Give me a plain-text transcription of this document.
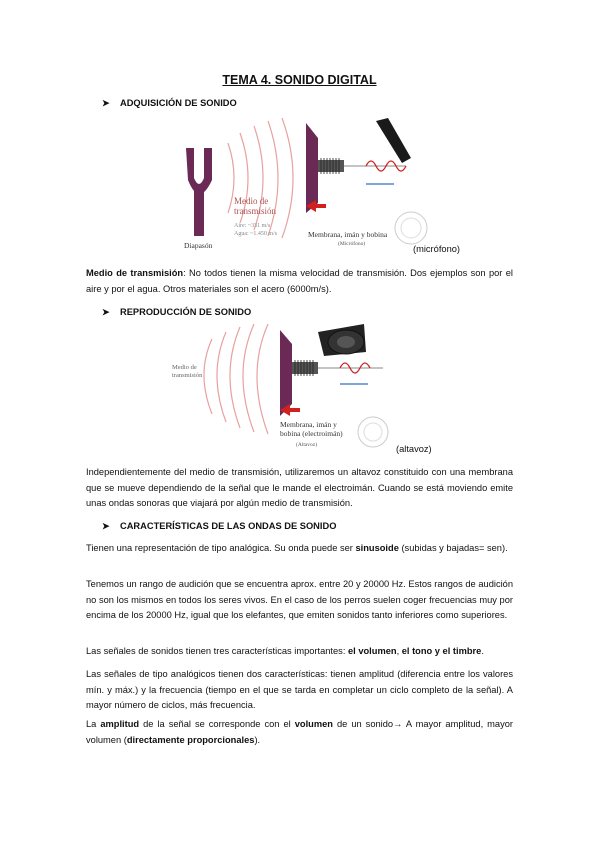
TEMA 4. SONIDO DIGITAL
➤ ADQUISICIÓN DE SONIDO
Medio de
transmisión
Aire: ~331 m/s
Agua: ~1.450 m/s
Diapasón
Membrana, imán y bobina
(Micrófono)	(micrófono)

Medio de transmisión: No todos tienen la misma velocidad de transmisión. Dos ejemplos son por el aire y por el agua. Otros materiales son el acero (6000m/s).

➤ REPRODUCCIÓN DE SONIDO
Medio de
transmisión
Membrana, imán y
bobina (electroimán)
(Altavoz)	(altavoz)

Independientemente del medio de transmisión, utilizaremos un altavoz constituido con una membrana que se mueve dependiendo de la señal que le mande el electroimán. Cuando se está moviendo emite unas ondas sonoras que viajará por algún medio de transmisión.

➤ CARACTERÍSTICAS DE LAS ONDAS DE SONIDO

Tienen una representación de tipo analógica. Su onda puede ser sinusoide (subidas y bajadas= sen).

Tenemos un rango de audición que se encuentra aprox. entre 20 y 20000 Hz. Estos rangos de audición no son los mismos en todos los seres vivos. En el caso de los perros suelen coger frecuencias muy por encima de los 20000 Hz, igual que los elefantes, que emiten sonidos tanto inferiores como superiores.

Las señales de sonidos tienen tres características importantes: el volumen, el tono y el timbre.

Las señales de tipo analógicos tienen dos características: tienen amplitud (diferencia entre los valores mín. y máx.) y la frecuencia (tiempo en el que se tarda en completar un ciclo completo de la señal). A mayor número de ciclos, más frecuencia.

La amplitud de la señal se corresponde con el volumen de un sonido→ A mayor amplitud, mayor volumen (directamente proporcionales).
